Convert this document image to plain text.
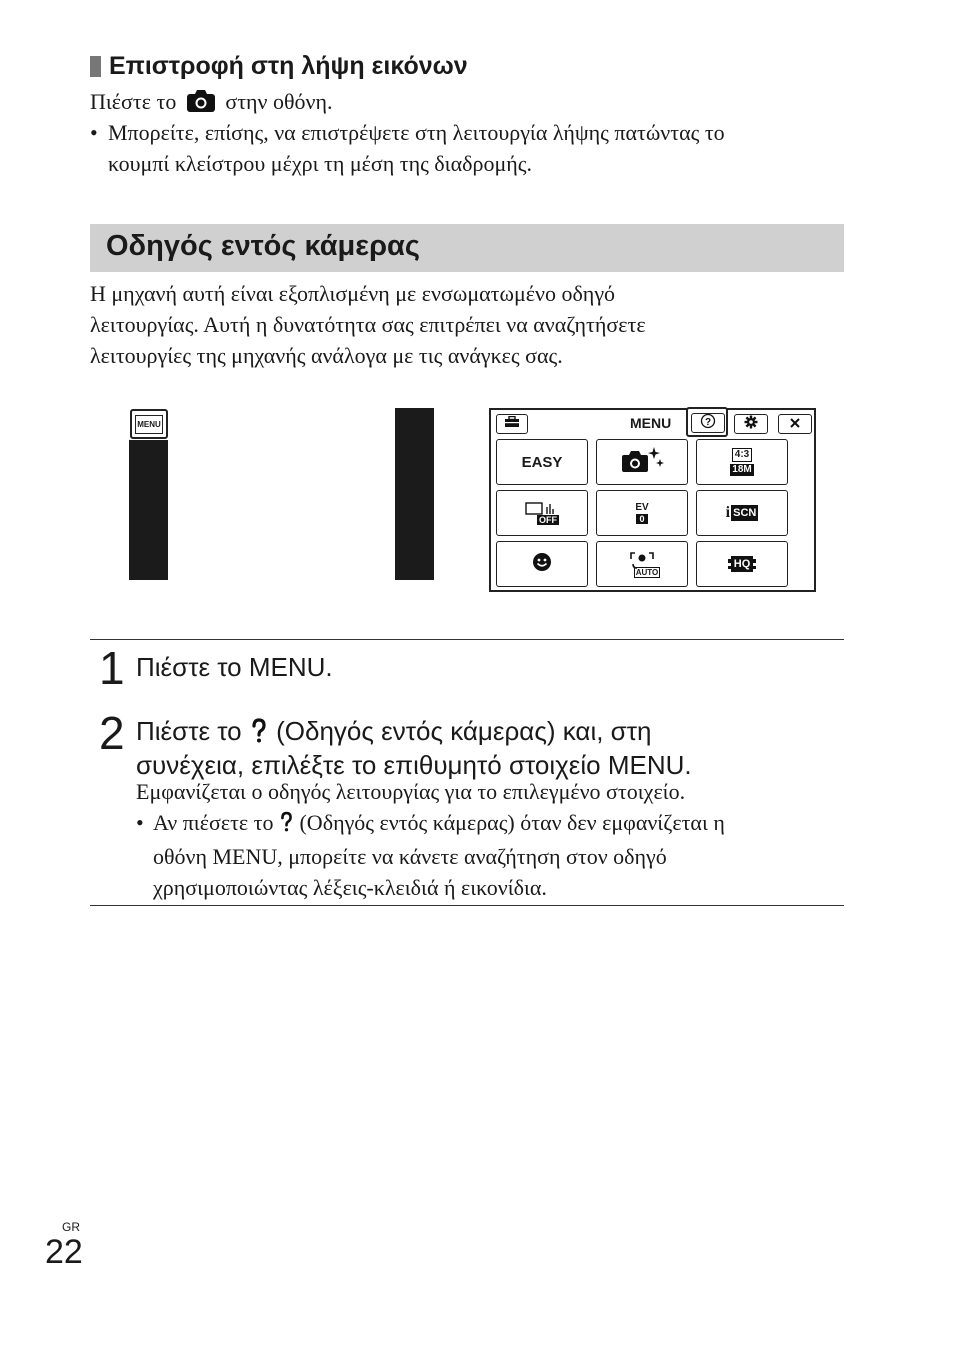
Επιστροφή στη λήψη εικόνων
Πιέστε το στην οθόνη.
• Μπορείτε, επίσης, να επιστρέψετε στη λειτουργία λήψης πατώντας το
κουμπί κλείστρου μέχρι τη μέση της διαδρομής.
Οδηγός εντός κάμερας
Η μηχανή αυτή είναι εξοπλισμένη με ενσωματωμένο οδηγό
λειτουργίας. Αυτή η δυνατότητα σας επιτρέπει να αναζητήσετε
λειτουργίες της μηχανής ανάλογα με τις ανάγκες σας.
MENU	MENU	?
EASY	4:3
18M
OFF
EV
0	i SCN
AUTO
HQ
1 Πιέστε το MENU.
2 Πιέστε το (Οδηγός εντός κάμερας) και, στη
συνέχεια, επιλέξτε το επιθυμητό στοιχείο MENU.
Εμφανίζεται ο οδηγός λειτουργίας για το επιλεγμένο στοιχείο.
• Αν πιέσετε το (Οδηγός εντός κάμερας) όταν δεν εμφανίζεται η
οθόνη MENU, μπορείτε να κάνετε αναζήτηση στον οδηγό
χρησιμοποιώντας λέξεις-κλειδιά ή εικονίδια.
GR
22
